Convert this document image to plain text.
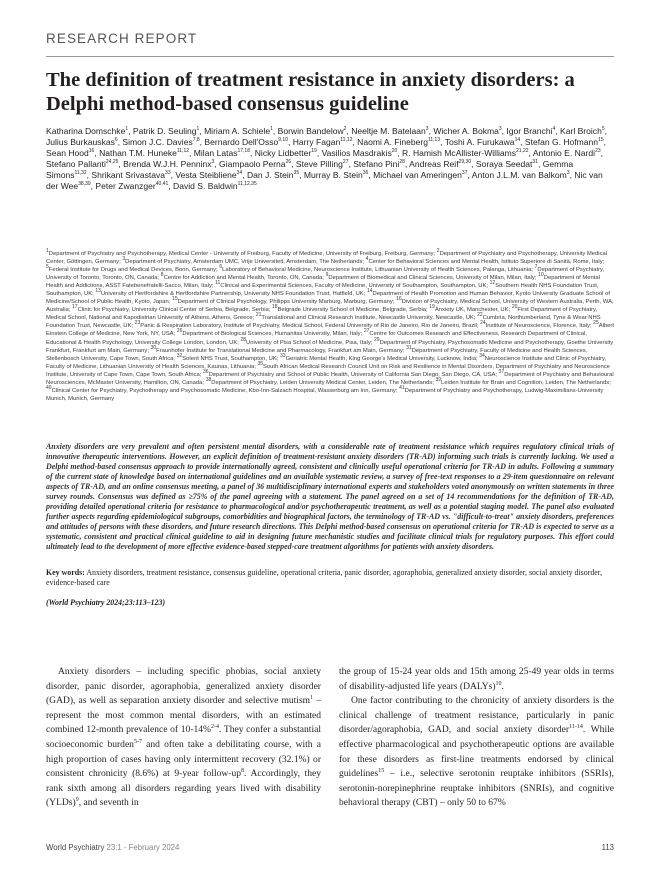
RESEARCH REPORT
The definition of treatment resistance in anxiety disorders: a Delphi method-based consensus guideline
Katharina Domschke$^1$, Patrik D. Seuling$^1$, Miriam A. Schiele$^1$, Borwin Bandelow$^2$, Neeltje M. Batelaan$^3$, Wicher A. Bokma$^3$, Igor Branchi$^4$, Karl Broich$^5$, Julius Burkauskas$^6$, Simon J.C. Davies$^{7,8}$, Bernardo Dell'Osso$^{9,10}$, Harry Fagan$^{11,12}$, Naomi A. Fineberg$^{11,13}$, Toshi A. Furukawa$^{14}$, Stefan G. Hofmann$^{15}$, Sean Hood$^{16}$, Nathan T.M. Huneke$^{11,12}$, Milan Latas$^{17,18}$, Nicky Lidbetter$^{19}$, Vasilios Masdrakis$^{20}$, R. Hamish McAllister-Williams$^{21,22}$, Antonio E. Nardi$^{23}$, Stefano Pallanti$^{24,25}$, Brenda W.J.H. Penninx$^3$, Giampaolo Perna$^{26}$, Steve Pilling$^{27}$, Stefano Pini$^{28}$, Andreas Reif$^{29,30}$, Soraya Seedat$^{31}$, Gemma Simons$^{11,32}$, Shrikant Srivastava$^{33}$, Vesta Steibliene$^{34}$, Dan J. Stein$^{35}$, Murray B. Stein$^{36}$, Michael van Ameringen$^{37}$, Anton J.L.M. van Balkom$^3$, Nic van der Wee$^{38,39}$, Peter Zwanzger$^{40,41}$, David S. Baldwin$^{11,12,35}$
$^1$Department of Psychiatry and Psychotherapy, Medical Center - University of Freiburg, Faculty of Medicine, University of Freiburg, Freiburg, Germany; $^2$Department of Psychiatry and Psychotherapy, University Medical Center, Göttingen, Germany; $^3$Department of Psychiatry, Amsterdam UMC, Vrije Universiteit, Amsterdam, The Netherlands; $^4$Center for Behavioral Sciences and Mental Health, Istituto Superiore di Sanità, Rome, Italy; $^5$Federal Institute for Drugs and Medical Devices, Bonn, Germany; $^6$Laboratory of Behavioral Medicine, Neuroscience Institute, Lithuanian University of Health Sciences, Palanga, Lithuania; $^7$Department of Psychiatry, University of Toronto, Toronto, ON, Canada; $^8$Centre for Addiction and Mental Health, Toronto, ON, Canada; $^9$Department of Biomedical and Clinical Sciences, University of Milan, Milan, Italy; $^{10}$Department of Mental Health and Addictions, ASST Fatebenefratelli-Sacco, Milan, Italy; $^{11}$Clinical and Experimental Sciences, Faculty of Medicine, University of Southampton, Southampton, UK; $^{12}$Southern Health NHS Foundation Trust, Southampton, UK; $^{13}$University of Hertfordshire & Hertfordshire Partnership, University NHS Foundation Trust, Hatfield, UK; $^{14}$Department of Health Promotion and Human Behavior, Kyoto University Graduate School of Medicine/School of Public Health, Kyoto, Japan; $^{15}$Department of Clinical Psychology, Philipps University Marburg, Marburg, Germany; $^{16}$Division of Psychiatry, Medical School, University of Western Australia, Perth, WA, Australia; $^{17}$Clinic for Psychiatry, University Clinical Center of Serbia, Belgrade, Serbia; $^{18}$Belgrade University School of Medicine, Belgrade, Serbia; $^{19}$Anxiety UK, Manchester, UK; $^{20}$First Department of Psychiatry, Medical School, National and Kapodistrian University of Athens, Athens, Greece; $^{21}$Translational and Clinical Research Institute, Newcastle University, Newcastle, UK; $^{22}$Cumbria, Northumberland, Tyne & Wear NHS Foundation Trust, Newcastle, UK; $^{23}$Panic & Respiration Laboratory, Institute of Psychiatry, Medical School, Federal University of Rio de Janeiro, Rio de Janeiro, Brazil; $^{24}$Institute of Neuroscience, Florence, Italy; $^{25}$Albert Einstein College of Medicine, New York, NY, USA; $^{26}$Department of Biological Sciences, Humanitas University, Milan, Italy; $^{27}$Centre for Outcomes Research and Effectiveness, Research Department of Clinical, Educational & Health Psychology, University College London, London, UK; $^{28}$University of Pisa School of Medicine, Pisa, Italy; $^{29}$Department of Psychiatry, Psychosomatic Medicine and Psychotherapy, Goethe University Frankfurt, Frankfurt am Main, Germany; $^{30}$Fraunhofer Institute for Translational Medicine and Pharmacology, Frankfurt am Main, Germany; $^{31}$Department of Psychiatry, Faculty of Medicine and Health Sciences, Stellenbosch University, Cape Town, South Africa; $^{32}$Solent NHS Trust, Southampton, UK; $^{33}$Geriatric Mental Health, King George's Medical University, Lucknow, India; $^{34}$Neuroscience Institute and Clinic of Psychiatry, Faculty of Medicine, Lithuanian University of Health Sciences, Kaunas, Lithuania; $^{35}$South African Medical Research Council Unit on Risk and Resilience in Mental Disorders, Department of Psychiatry and Neuroscience Institute, University of Cape Town, Cape Town, South Africa; $^{36}$Department of Psychiatry and School of Public Health, University of California San Diego, San Diego, CA, USA; $^{37}$Department of Psychiatry and Behavioural Neurosciences, McMaster University, Hamilton, ON, Canada; $^{38}$Department of Psychiatry, Leiden University Medical Center, Leiden, The Netherlands; $^{39}$Leiden Institute for Brain and Cognition, Leiden, The Netherlands; $^{40}$Clinical Center for Psychiatry, Psychotherapy and Psychosomatic Medicine, Kbo-Inn-Salzach Hospital, Wasserburg am Inn, Germany; $^{41}$Department of Psychiatry and Psychotherapy, Ludwig-Maximilians-University Munich, Munich, Germany
Anxiety disorders are very prevalent and often persistent mental disorders, with a considerable rate of treatment resistance which requires regulatory clinical trials of innovative therapeutic interventions. However, an explicit definition of treatment-resistant anxiety disorders (TR-AD) informing such trials is currently lacking. We used a Delphi method-based consensus approach to provide internationally agreed, consistent and clinically useful operational criteria for TR-AD in adults. Following a summary of the current state of knowledge based on international guidelines and an available systematic review, a survey of free-text responses to a 29-item questionnaire on relevant aspects of TR-AD, and an online consensus meeting, a panel of 36 multidisciplinary international experts and stakeholders voted anonymously on written statements in three survey rounds. Consensus was defined as ≥75% of the panel agreeing with a statement. The panel agreed on a set of 14 recommendations for the definition of TR-AD, providing detailed operational criteria for resistance to pharmacological and/or psychotherapeutic treatment, as well as a potential staging model. The panel also evaluated further aspects regarding epidemiological subgroups, comorbidities and biographical factors, the terminology of TR-AD vs. "difficult-to-treat" anxiety disorders, preferences and attitudes of persons with these disorders, and future research directions. This Delphi method-based consensus on operational criteria for TR-AD is expected to serve as a systematic, consistent and practical clinical guideline to aid in designing future mechanistic studies and facilitate clinical trials for regulatory purposes. This effort could ultimately lead to the development of more effective evidence-based stepped-care treatment algorithms for patients with anxiety disorders.
Key words: Anxiety disorders, treatment resistance, consensus guideline, operational criteria, panic disorder, agoraphobia, generalized anxiety disorder, social anxiety disorder, evidence-based care
(World Psychiatry 2024;23:113–123)

Anxiety disorders – including specific phobias, social anxiety disorder, panic disorder, agoraphobia, generalized anxiety disorder (GAD), as well as separation anxiety disorder and selective mutism$^1$ – represent the most common mental disorders, with an estimated combined 12-month prevalence of 10-14%$^{2-4}$. They confer a substantial socioeconomic burden$^{5-7}$ and often take a debilitating course, with a high proportion of cases having only intermittent recovery (32.1%) or consistent chronicity (8.6%) at 9-year follow-$up^8$. Accordingly, they rank sixth among all disorders regarding years lived with disability (YLDs)$^9$, and seventh in

the group of 15-24 year olds and 15th among 25-49 year olds in terms of disability-adjusted life years (DALYs)$^{10}$.

One factor contributing to the chronicity of anxiety disorders is the clinical challenge of treatment resistance, particularly in panic disorder/agoraphobia, GAD, and social anxiety disorder$^{11-14}$. While effective pharmacological and psychotherapeutic options are available for these disorders as first-line treatments endorsed by clinical guidelines$^{15}$ – i.e., selective serotonin reuptake inhibitors (SSRIs), serotonin-norepinephrine reuptake inhibitors (SNRIs), and cognitive behavioral therapy (CBT) – only 50 to 67%

World Psychiatry 23:1 - February 2024	113
